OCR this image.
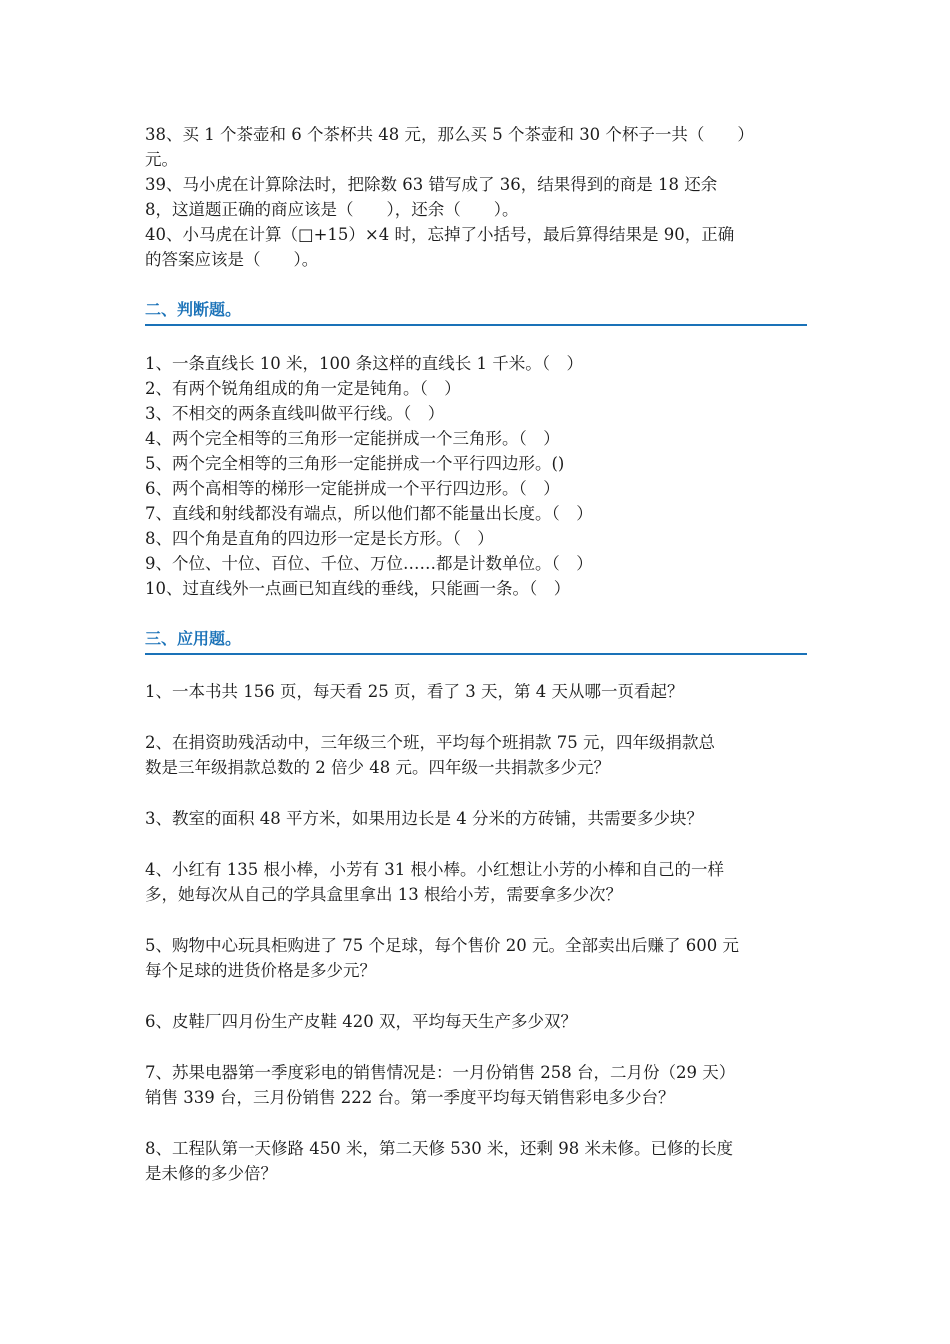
38、买 1 个茶壶和 6 个茶杯共 48 元，那么买 5 个茶壶和 30 个杯子一共（　　）
元。
39、马小虎在计算除法时，把除数 63 错写成了 36，结果得到的商是 18 还余
8，这道题正确的商应该是（　　），还余（　　）。
40、小马虎在计算（□+15）×4 时，忘掉了小括号，最后算得结果是 90，正确
的答案应该是（　　）。
二、判断题。
1、一条直线长 10 米，100 条这样的直线长 1 千米。（　）
2、有两个锐角组成的角一定是钝角。（　）
3、不相交的两条直线叫做平行线。（　）
4、两个完全相等的三角形一定能拼成一个三角形。（　）
5、两个完全相等的三角形一定能拼成一个平行四边形。()
6、两个高相等的梯形一定能拼成一个平行四边形。（　）
7、直线和射线都没有端点，所以他们都不能量出长度。（　）
8、四个角是直角的四边形一定是长方形。（　）
9、个位、十位、百位、千位、万位……都是计数单位。（　）
10、过直线外一点画已知直线的垂线，只能画一条。（　）
三、应用题。
1、一本书共 156 页，每天看 25 页，看了 3 天，第 4 天从哪一页看起？
2、在捐资助残活动中，三年级三个班，平均每个班捐款 75 元，四年级捐款总
数是三年级捐款总数的 2 倍少 48 元。四年级一共捐款多少元？
3、教室的面积 48 平方米，如果用边长是 4 分米的方砖铺，共需要多少块？
4、小红有 135 根小棒，小芳有 31 根小棒。小红想让小芳的小棒和自己的一样
多，她每次从自己的学具盒里拿出 13 根给小芳，需要拿多少次？
5、购物中心玩具柜购进了 75 个足球，每个售价 20 元。全部卖出后赚了 600 元
每个足球的进货价格是多少元？
6、皮鞋厂四月份生产皮鞋 420 双，平均每天生产多少双？
7、苏果电器第一季度彩电的销售情况是：一月份销售 258 台，二月份（29 天）
销售 339 台，三月份销售 222 台。第一季度平均每天销售彩电多少台？
8、工程队第一天修路 450 米，第二天修 530 米，还剩 98 米未修。已修的长度
是未修的多少倍？
